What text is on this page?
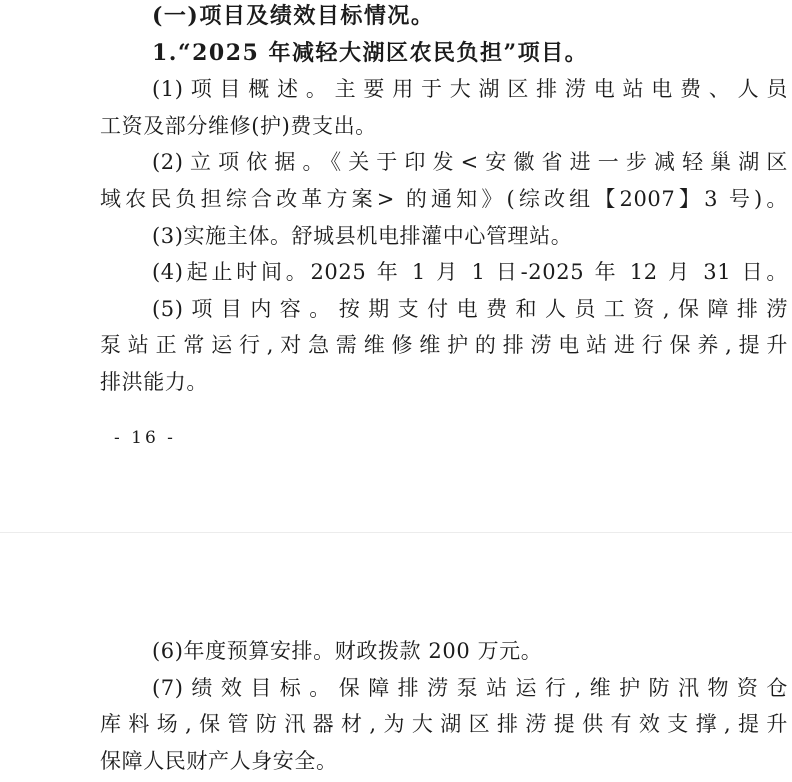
(一)项目及绩效目标情况。
1.“2025 年减轻大湖区农民负担”项目。
(1)项目概述。主要用于大湖区排涝电站电费、人员
工资及部分维修(护)费支出。
(2)立项依据。《关于印发<安徽省进一步减轻巢湖区
域农民负担综合改革方案> 的通知》(综改组【2007】3 号)。
(3)实施主体。舒城县机电排灌中心管理站。
(4)起止时间。2025 年 1 月 1 日-2025 年 12 月 31 日。
(5)项目内容。按期支付电费和人员工资,保障排涝
泵站正常运行,对急需维修维护的排涝电站进行保养,提升
排洪能力。
- 16 -
(6)年度预算安排。财政拨款 200 万元。
(7)绩效目标。保障排涝泵站运行,维护防汛物资仓
库料场,保管防汛器材,为大湖区排涝提供有效支撑,提升
保障人民财产人身安全。
